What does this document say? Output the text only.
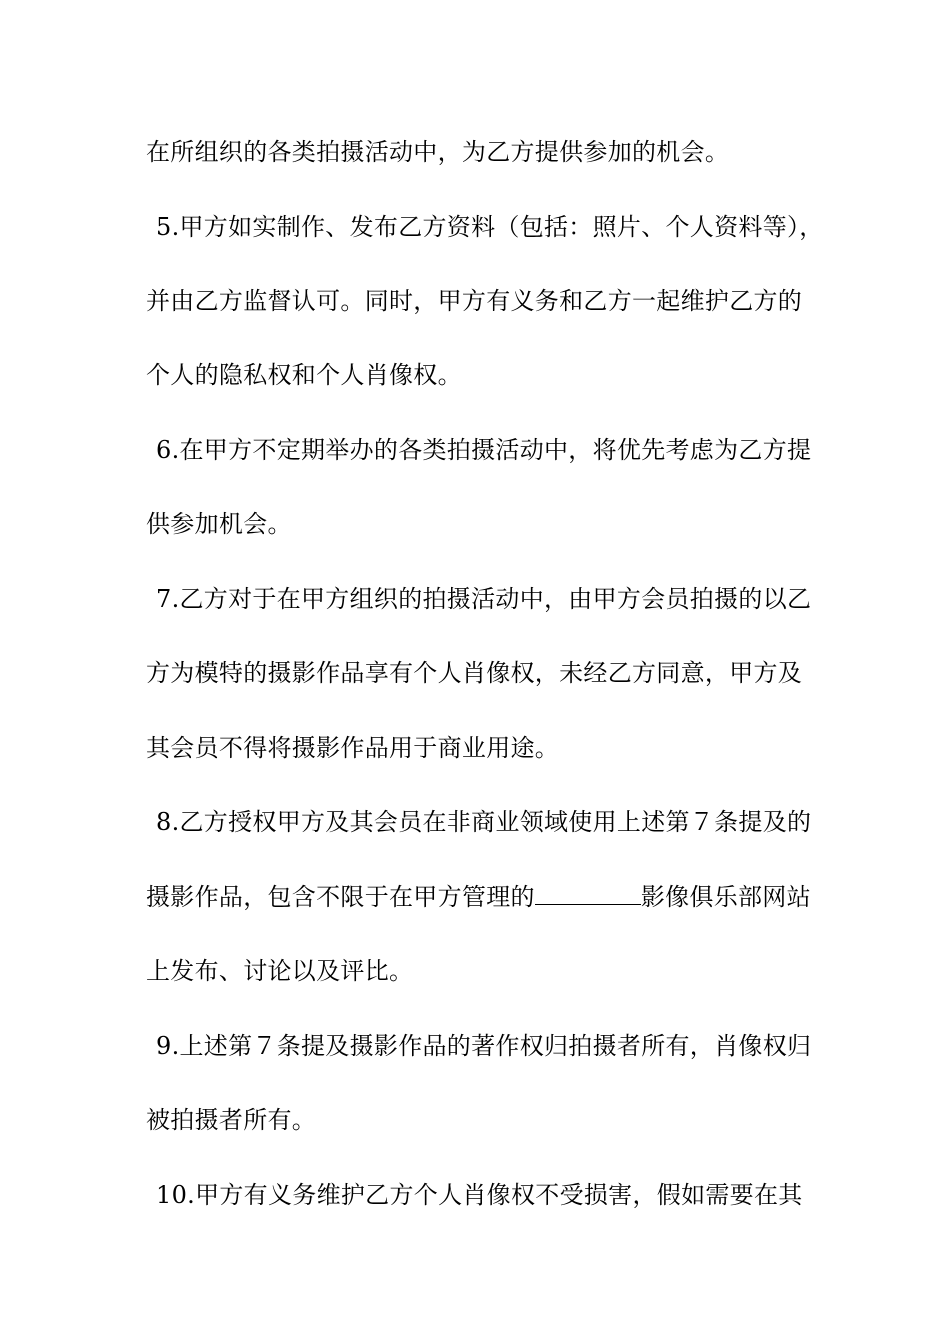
在所组织的各类拍摄活动中，为乙方提供参加的机会。
5.甲方如实制作、发布乙方资料（包括：照片、个人资料等），
并由乙方监督认可。同时，甲方有义务和乙方一起维护乙方的
个人的隐私权和个人肖像权。
6.在甲方不定期举办的各类拍摄活动中，将优先考虑为乙方提
供参加机会。
7.乙方对于在甲方组织的拍摄活动中，由甲方会员拍摄的以乙
方为模特的摄影作品享有个人肖像权，未经乙方同意，甲方及
其会员不得将摄影作品用于商业用途。
8.乙方授权甲方及其会员在非商业领域使用上述第７条提及的
摄影作品，包含不限于在甲方管理的	影像俱乐部网站
上发布、讨论以及评比。
9.上述第７条提及摄影作品的著作权归拍摄者所有，肖像权归
被拍摄者所有。
10.甲方有义务维护乙方个人肖像权不受损害，假如需要在其
